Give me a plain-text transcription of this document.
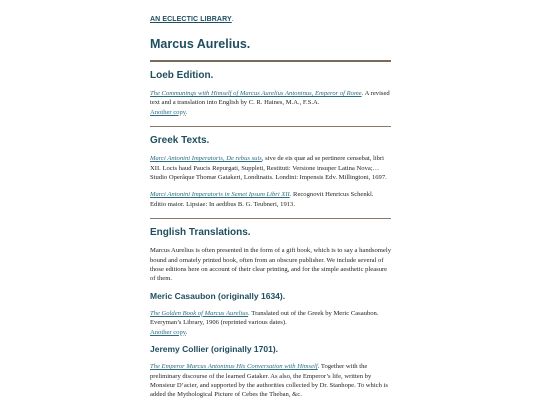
AN ECLECTIC LIBRARY.
Marcus Aurelius.
Loeb Edition.

The Communings with Himself of Marcus Aurelius Antoninus, Emperor of Rome. A revised text and a translation into English by C. R. Haines, M.A., F.S.A.
Another copy.

Greek Texts.

Marci Antonini Imperatoris, De rebus suis, sive de eis quæ ad se pertinere censebat, libri XII. Locis haud Paucis Repurgati, Suppleti, Restituti: Versione insuper Latina Nova;… Studio Operâque Thomæ Gatakeri, Londinatis. Londini: Impensis Edv. Millingtoni, 1697.

Marci Antonini Imperatoris in Semet Ipsum Libri XII. Recognovit Henricus Schenkl. Editio maior. Lipsiae: In aedibus B. G. Teubneri, 1913.

English Translations.

Marcus Aurelius is often presented in the form of a gift book, which is to say a handsomely bound and ornately printed book, often from an obscure publisher. We include several of those editions here on account of their clear printing, and for the simple aesthetic pleasure of them.

Meric Casaubon (originally 1634).

The Golden Book of Marcus Aurelius. Translated out of the Greek by Meric Casaubon. Everyman’s Library, 1906 (reprinted various dates).
Another copy.

Jeremy Collier (originally 1701).

The Emperor Marcus Antoninus His Conversation with Himself. Together with the preliminary discourse of the learned Gataker. As also, the Emperor’s life, written by Monsieur D’acier, and supported by the authorities collected by Dr. Stanhope. To which is added the Mythological Picture of Cebes the Theban, &c.
